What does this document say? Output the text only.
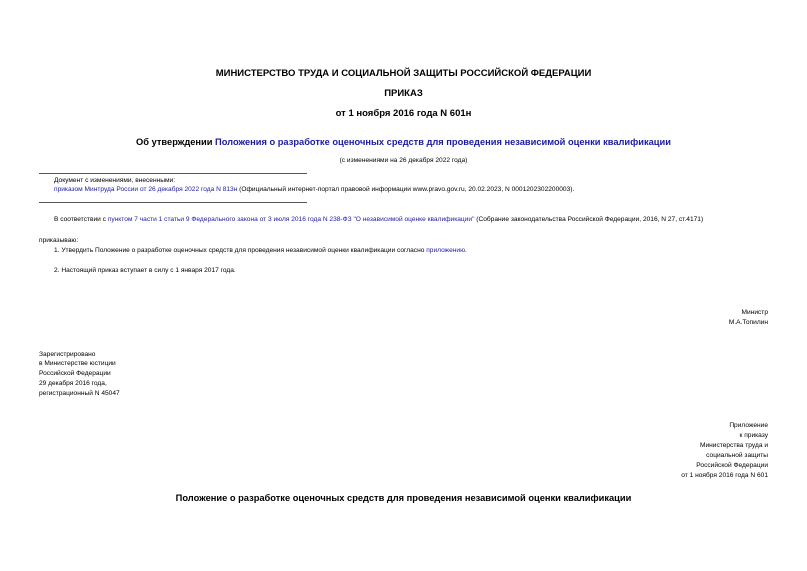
МИНИСТЕРСТВО ТРУДА И СОЦИАЛЬНОЙ ЗАЩИТЫ РОССИЙСКОЙ ФЕДЕРАЦИИ
ПРИКАЗ
от 1 ноября 2016 года N 601н
Об утверждении Положения о разработке оценочных средств для проведения независимой оценки квалификации
(с изменениями на 26 декабря 2022 года)
Документ с изменениями, внесенными:
приказом Минтруда России от 26 декабря 2022 года N 813н (Официальный интернет-портал правовой информации www.pravo.gov.ru, 20.02.2023, N 0001202302200003).
В соответствии с пунктом 7 части 1 статьи 9 Федерального закона от 3 июля 2016 года N 238-ФЗ "О независимой оценке квалификации" (Собрание законодательства Российской Федерации, 2016, N 27, ст.4171)
приказываю:
1. Утвердить Положение о разработке оценочных средств для проведения независимой оценки квалификации согласно приложению.
2. Настоящий приказ вступает в силу с 1 января 2017 года.
Министр
М.А.Топилин
Зарегистрировано
в Министерстве юстиции
Российской Федерации
29 декабря 2016 года,
регистрационный N 45047
Приложение
к приказу
Министерства труда и
социальной защиты
Российской Федерации
от 1 ноября 2016 года N 601
Положение о разработке оценочных средств для проведения независимой оценки квалификации
